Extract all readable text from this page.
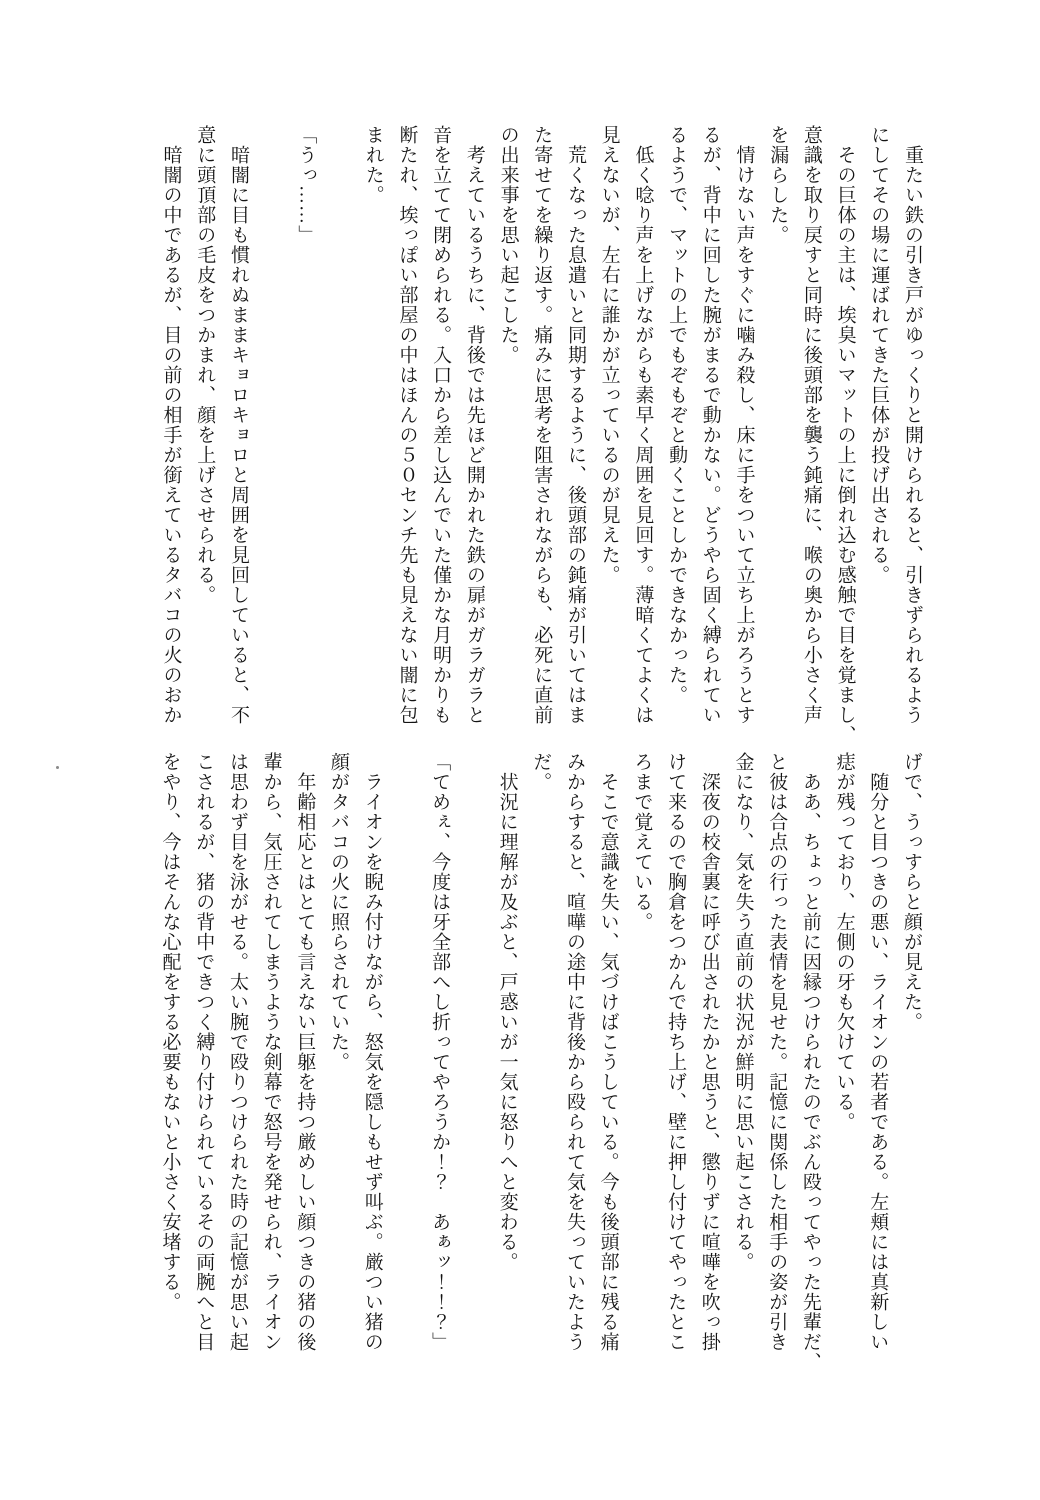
　重たい鉄の引き戸がゆっくりと開けられると、引きずられるよう

にしてその場に運ばれてきた巨体が投げ出される。

　その巨体の主は、埃臭いマットの上に倒れ込む感触で目を覚まし、

意識を取り戻すと同時に後頭部を襲う鈍痛に、喉の奥から小さく声

を漏らした。

　情けない声をすぐに噛み殺し、床に手をついて立ち上がろうとす

るが、背中に回した腕がまるで動かない。どうやら固く縛られてい

るようで、マットの上でもぞもぞと動くことしかできなかった。

　低く唸り声を上げながらも素早く周囲を見回す。薄暗くてよくは

見えないが、左右に誰かが立っているのが見えた。

　荒くなった息遣いと同期するように、後頭部の鈍痛が引いてはま

た寄せてを繰り返す。痛みに思考を阻害されながらも、必死に直前

の出来事を思い起こした。

　考えているうちに、背後では先ほど開かれた鉄の扉がガラガラと

音を立てて閉められる。入口から差し込んでいた僅かな月明かりも

断たれ、埃っぽい部屋の中はほんの５０センチ先も見えない闇に包

まれた。

「うっ……」

　暗闇に目も慣れぬままキョロキョロと周囲を見回していると、不

意に頭頂部の毛皮をつかまれ、顔を上げさせられる。

　暗闇の中であるが、目の前の相手が銜えているタバコの火のおか

げで、うっすらと顔が見えた。

　随分と目つきの悪い、ライオンの若者である。左頬には真新しい

痣が残っており、左側の牙も欠けている。

　ああ、ちょっと前に因縁つけられたのでぶん殴ってやった先輩だ、

と彼は合点の行った表情を見せた。記憶に関係した相手の姿が引き

金になり、気を失う直前の状況が鮮明に思い起こされる。

　深夜の校舎裏に呼び出されたかと思うと、懲りずに喧嘩を吹っ掛

けて来るので胸倉をつかんで持ち上げ、壁に押し付けてやったとこ

ろまで覚えている。

　そこで意識を失い、気づけばこうしている。今も後頭部に残る痛

みからすると、喧嘩の途中に背後から殴られて気を失っていたよう

だ。

　状況に理解が及ぶと、戸惑いが一気に怒りへと変わる。

「てめぇ、今度は牙全部へし折ってやろうか！？　あぁッ！！？」

　ライオンを睨み付けながら、怒気を隠しもせず叫ぶ。厳つい猪の

顔がタバコの火に照らされていた。

　年齢相応とはとても言えない巨躯を持つ厳めしい顔つきの猪の後

輩から、気圧されてしまうような剣幕で怒号を発せられ、ライオン

は思わず目を泳がせる。太い腕で殴りつけられた時の記憶が思い起

こされるが、猪の背中できつく縛り付けられているその両腕へと目

をやり、今はそんな心配をする必要もないと小さく安堵する。
